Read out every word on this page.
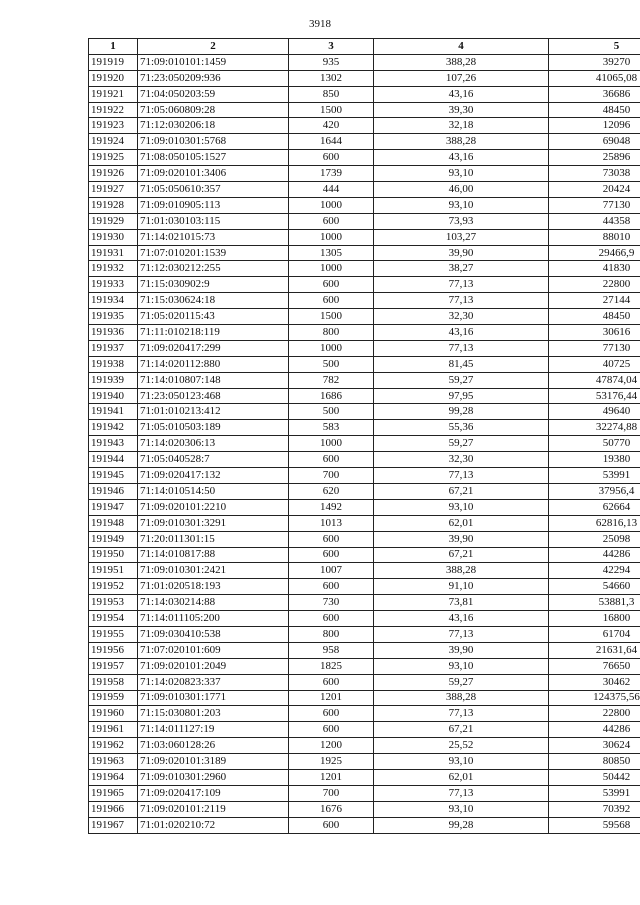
3918
1	2	3	4	5
191919	71:09:010101:1459	935	388,28	39270
191920	71:23:050209:936	1302	107,26	41065,08
191921	71:04:050203:59	850	43,16	36686
191922	71:05:060809:28	1500	39,30	48450
191923	71:12:030206:18	420	32,18	12096
191924	71:09:010301:5768	1644	388,28	69048
191925	71:08:050105:1527	600	43,16	25896
191926	71:09:020101:3406	1739	93,10	73038
191927	71:05:050610:357	444	46,00	20424
191928	71:09:010905:113	1000	93,10	77130
191929	71:01:030103:115	600	73,93	44358
191930	71:14:021015:73	1000	103,27	88010
191931	71:07:010201:1539	1305	39,90	29466,9
191932	71:12:030212:255	1000	38,27	41830
191933	71:15:030902:9	600	77,13	22800
191934	71:15:030624:18	600	77,13	27144
191935	71:05:020115:43	1500	32,30	48450
191936	71:11:010218:119	800	43,16	30616
191937	71:09:020417:299	1000	77,13	77130
191938	71:14:020112:880	500	81,45	40725
191939	71:14:010807:148	782	59,27	47874,04
191940	71:23:050123:468	1686	97,95	53176,44
191941	71:01:010213:412	500	99,28	49640
191942	71:05:010503:189	583	55,36	32274,88
191943	71:14:020306:13	1000	59,27	50770
191944	71:05:040528:7	600	32,30	19380
191945	71:09:020417:132	700	77,13	53991
191946	71:14:010514:50	620	67,21	37956,4
191947	71:09:020101:2210	1492	93,10	62664
191948	71:09:010301:3291	1013	62,01	62816,13
191949	71:20:011301:15	600	39,90	25098
191950	71:14:010817:88	600	67,21	44286
191951	71:09:010301:2421	1007	388,28	42294
191952	71:01:020518:193	600	91,10	54660
191953	71:14:030214:88	730	73,81	53881,3
191954	71:14:011105:200	600	43,16	16800
191955	71:09:030410:538	800	77,13	61704
191956	71:07:020101:609	958	39,90	21631,64
191957	71:09:020101:2049	1825	93,10	76650
191958	71:14:020823:337	600	59,27	30462
191959	71:09:010301:1771	1201	388,28	124375,56
191960	71:15:030801:203	600	77,13	22800
191961	71:14:011127:19	600	67,21	44286
191962	71:03:060128:26	1200	25,52	30624
191963	71:09:020101:3189	1925	93,10	80850
191964	71:09:010301:2960	1201	62,01	50442
191965	71:09:020417:109	700	77,13	53991
191966	71:09:020101:2119	1676	93,10	70392
191967	71:01:020210:72	600	99,28	59568
